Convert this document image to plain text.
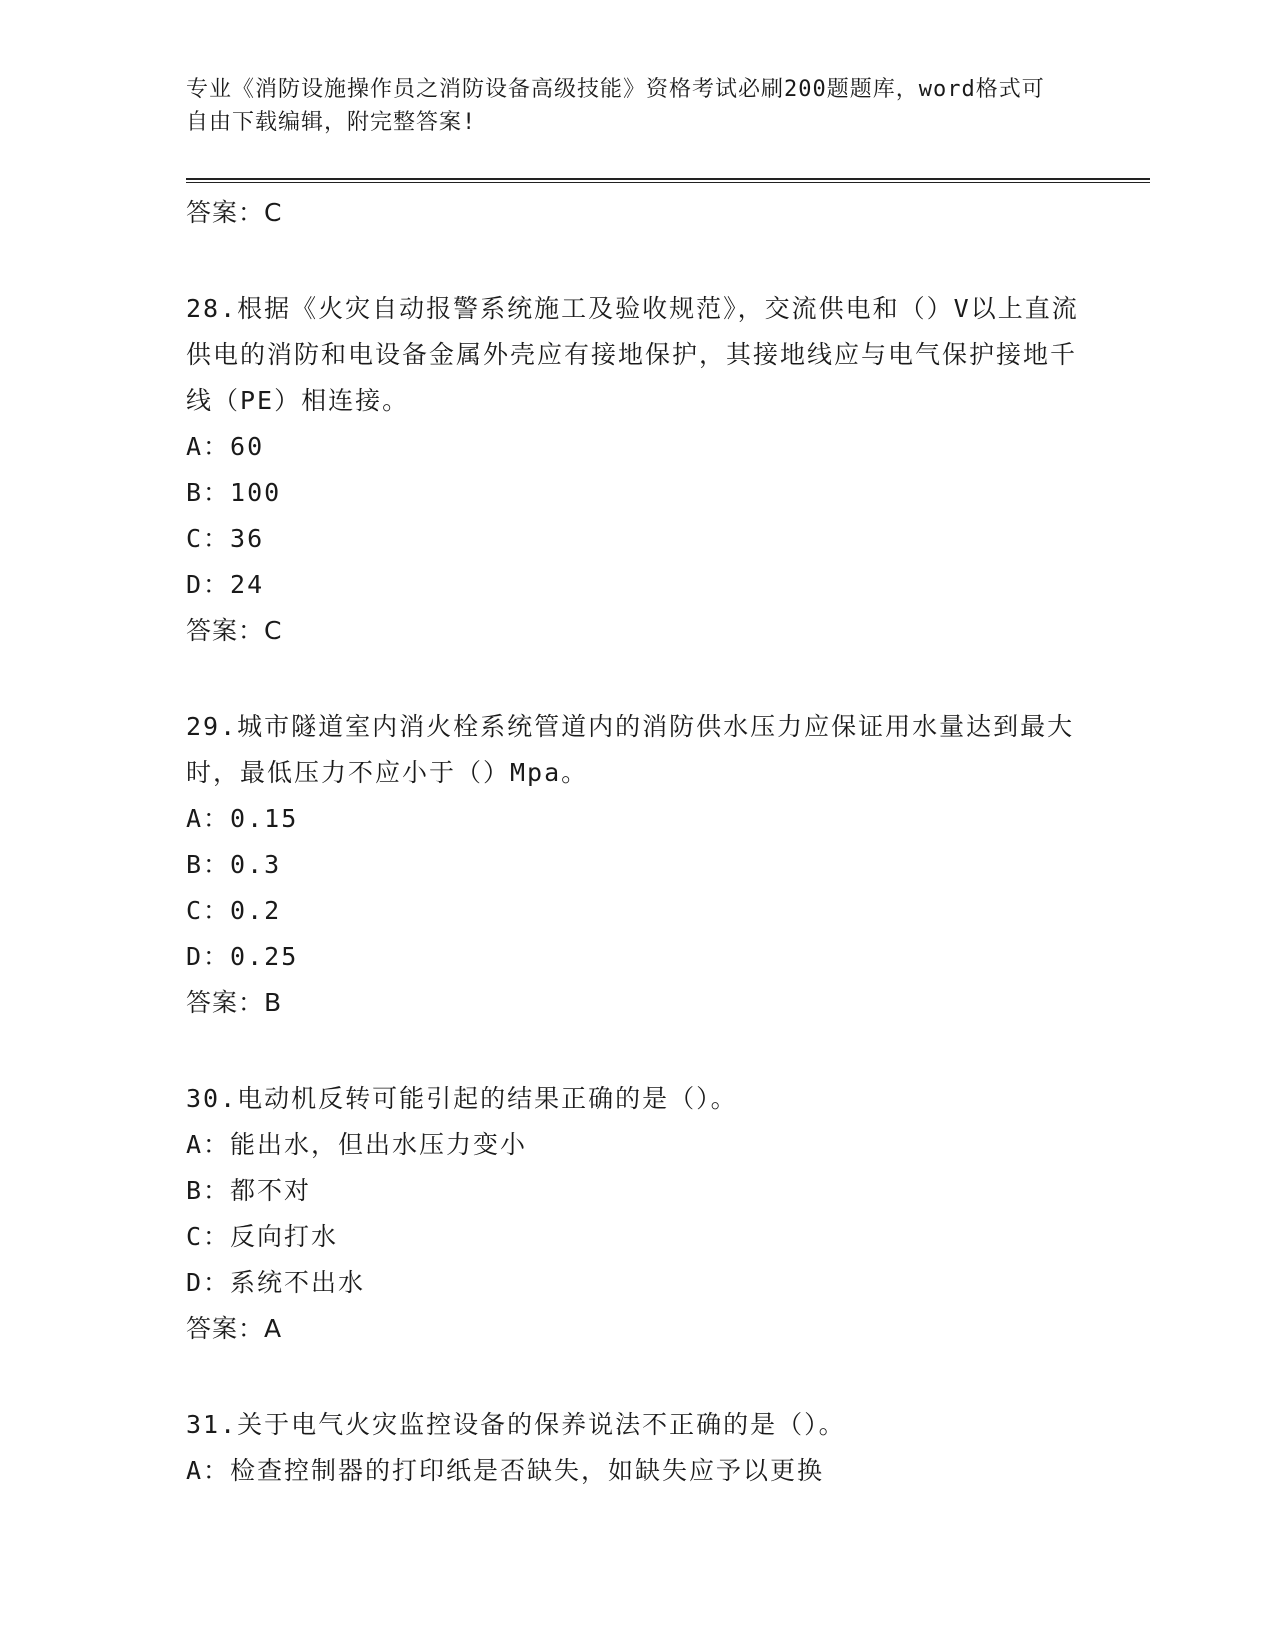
专业《消防设施操作员之消防设备高级技能》资格考试必刷200题题库，word格式可自由下载编辑，附完整答案!
答案：C
28.根据《火灾自动报警系统施工及验收规范》，交流供电和（）V以上直流供电的消防和电设备金属外壳应有接地保护，其接地线应与电气保护接地千线（PE）相连接。
A：60
B：100
C：36
D：24
答案：C
29.城市隧道室内消火栓系统管道内的消防供水压力应保证用水量达到最大时，最低压力不应小于（）Mpa。
A：0.15
B：0.3
C：0.2
D：0.25
答案：B
30.电动机反转可能引起的结果正确的是（）。
A：能出水，但出水压力变小
B：都不对
C：反向打水
D：系统不出水
答案：A
31.关于电气火灾监控设备的保养说法不正确的是（）。
A：检查控制器的打印纸是否缺失，如缺失应予以更换
